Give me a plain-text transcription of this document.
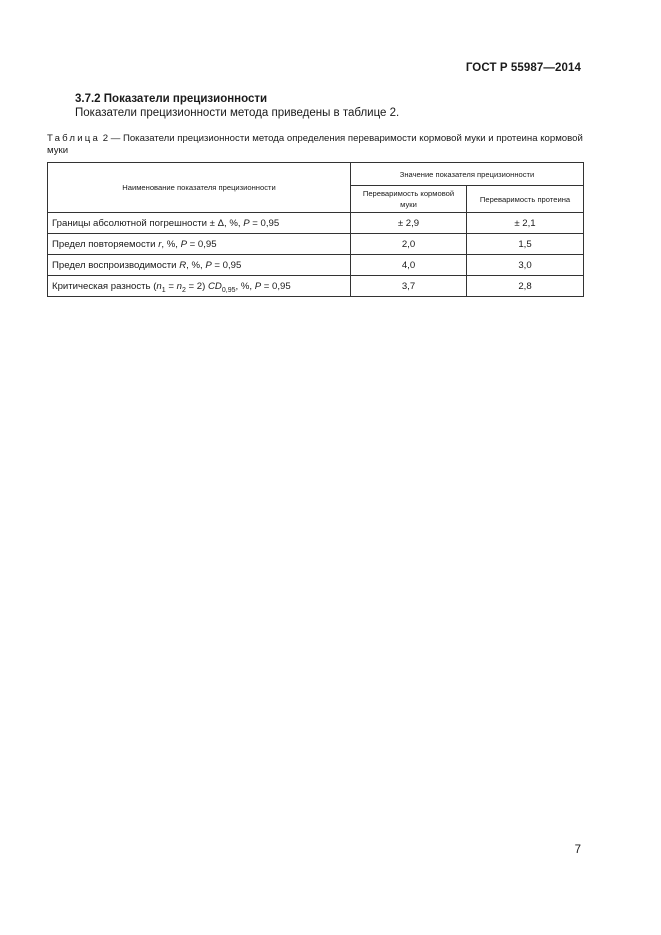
ГОСТ Р 55987—2014
3.7.2 Показатели прецизионности
Показатели прецизионности метода приведены в таблице 2.
Таблица 2 — Показатели прецизионности метода определения переваримости кормовой муки и протеина кормовой муки
Наименование показателя прецизионности	Значение показателя прецизионности	
	Переваримость кормовой муки	Переваримость протеина
Границы абсолютной погрешности ± Δ, %, P = 0,95	± 2,9	± 2,1
Предел повторяемости r, %, P = 0,95	2,0	1,5
Предел воспроизводимости R, %, P = 0,95	4,0	3,0
Критическая разность $(n_1 = n_2 = 2)$ $CD_{0,95}$, %, P = 0,95	3,7	2,8
7
